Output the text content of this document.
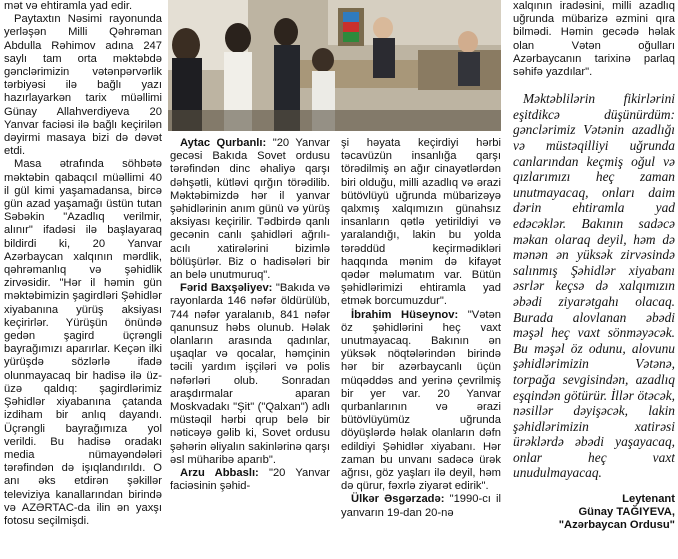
mət və ehtiramla yad edir.

Paytaxtın Nəsimi rayonunda yerləşən Milli Qəhrəman Abdulla Rəhimov adına 247 saylı tam orta məktəbdə gənclərimizin vətənpərvərlik tərbiyəsi ilə bağlı yazı hazırlayarkən tarix müəllimi Günay Allahverdiyeva 20 Yanvar faciəsi ilə bağlı keçirilən dəyirmi masaya bizi də dəvət etdi.

Masa ətrafında söhbətə məktəbin qabaqcıl müəllimi 40 il gül kimi yaşamadansa, bircə gün azad yaşamağı üstün tutan Səbəkin "Azadlıq verilmir, alınır" ifadəsi ilə başlayaraq bildirdi ki, 20 Yanvar Azərbaycan xalqının mərdlik, qəhrəmanlıq və şəhidlik zirvəsidir. "Hər il həmin gün məktəbimizin şagirdləri Şəhidlər xiyabanına yürüş aksiyası keçirirlər. Yürüşün önündə gedən şagird üçrəngli bayrağımızı aparırlar. Keçən ilki yürüşdə sözlərlə ifadə olunmayacaq bir hadisə ilə üz-üzə qaldıq: şagirdlərimiz Şəhidlər xiyabanına çatanda izdiham bir anlıq dayandı. Üçrəngli bayrağımıza yol verildi. Bu hadisə oradakı media nümayəndələri tərəfindən də işıqlandırıldı. O anı əks etdirən şəkillər televiziya kanallarından birində və AZƏRTAC-da ilin ən yaxşı fotosu seçilmişdi.

Aytac Qurbanlı: "20 Yanvar gecəsi Bakıda Sovet ordusu tərəfindən dinc əhaliyə qarşı dəhşətli, kütləvi qırğın törədilib. Məktəbimizdə hər il yanvar şəhidlərinin anım günü və yürüş aksiyası keçirilir. Tədbirdə qanlı gecənin canlı şahidləri ağrılı-acılı xatirələrini bizimlə bölüşürlər. Biz o hadisələri bir an belə unutmuruq".

Fərid Baxşəliyev: "Bakıda və rayonlarda 146 nəfər öldürülüb, 744 nəfər yaralanıb, 841 nəfər qanunsuz həbs olunub. Həlak olanların arasında qadınlar, uşaqlar və qocalar, həmçinin təcili yardım işçiləri və polis nəfərləri olub. Sonradan araşdırmalar aparan Moskvadakı "Şit" ("Qalxan") adlı müstəqil hərbi qrup belə bir nəticəyə gəlib ki, Sovet ordusu şəhərin əliyalın sakinlərinə qarşı əsl müharibə aparıb".

Arzu Abbaslı: "20 Yanvar faciəsinin şəhid-

şi həyata keçirdiyi hərbi təcavüzün insanlığa qarşı törədilmiş ən ağır cinayətlərdən biri olduğu, milli azadlıq və ərazi bütövlüyü uğrunda mübarizəyə qalxmış xalqımızın günahsız insanların qətlə yetirildiyi və yaralandığı, lakin bu yolda tərəddüd keçirmədikləri haqqında mənim də kifayət qədər məlumatım var. Bütün şəhidlərimizi ehtiramla yad etmək borcumuzdur".

İbrahim Hüseynov: "Vətən öz şəhidlərini heç vaxt unutmayacaq. Bakının ən yüksək nöqtələrindən birində hər bir azərbaycanlı üçün müqəddəs and yerinə çevrilmiş bir yer var. 20 Yanvar qurbanlarının və ərazi bütövlüyümüz uğrunda döyüşlərdə həlak olanların dəfn edildiyi Şəhidlər xiyabanı. Hər zaman bu unvanı sadəcə ürək ağrısı, göz yaşları ilə deyil, həm də qürur, fəxrlə ziyarət edirik".

Ülkər Əsgərzadə: "1990-cı il yanvarın 19-dan 20-nə

xalqının iradəsini, milli azadlıq uğrunda mübarizə əzmini qıra bilmədi. Həmin gecədə həlak olan Vətən oğulları Azərbaycanın tarixinə parlaq səhifə yazdılar".

Məktəblilərin fikirlərini eşitdikcə düşünürdüm: gənclərimiz Vətənin azadlığı və müstəqilliyi uğrunda canlarından keçmiş oğul və qızlarımızı heç zaman unutmayacaq, onları daim dərin ehtiramla yad edəcəklər. Bakının sadəcə məkan olaraq deyil, həm də mənən ən yüksək zirvəsində salınmış Şəhidlər xiyabanı əsrlər keçsə də xalqımızın əbədi ziyarətgahı olacaq. Burada alovlanan əbədi məşəl heç vaxt sönməyəcək. Bu məşəl öz odunu, alovunu şəhidlərimizin Vətənə, torpağa sevgisindən, azadlıq eşqindən götürür. İllər ötəcək, nəsillər dəyişəcək, lakin şəhidlərimizin xatirəsi ürəklərdə əbədi yaşayacaq, onlar heç vaxt unudulmayacaq.

Leytenant
Günay TAĞIYEVA,
"Azərbaycan Ordusu"
